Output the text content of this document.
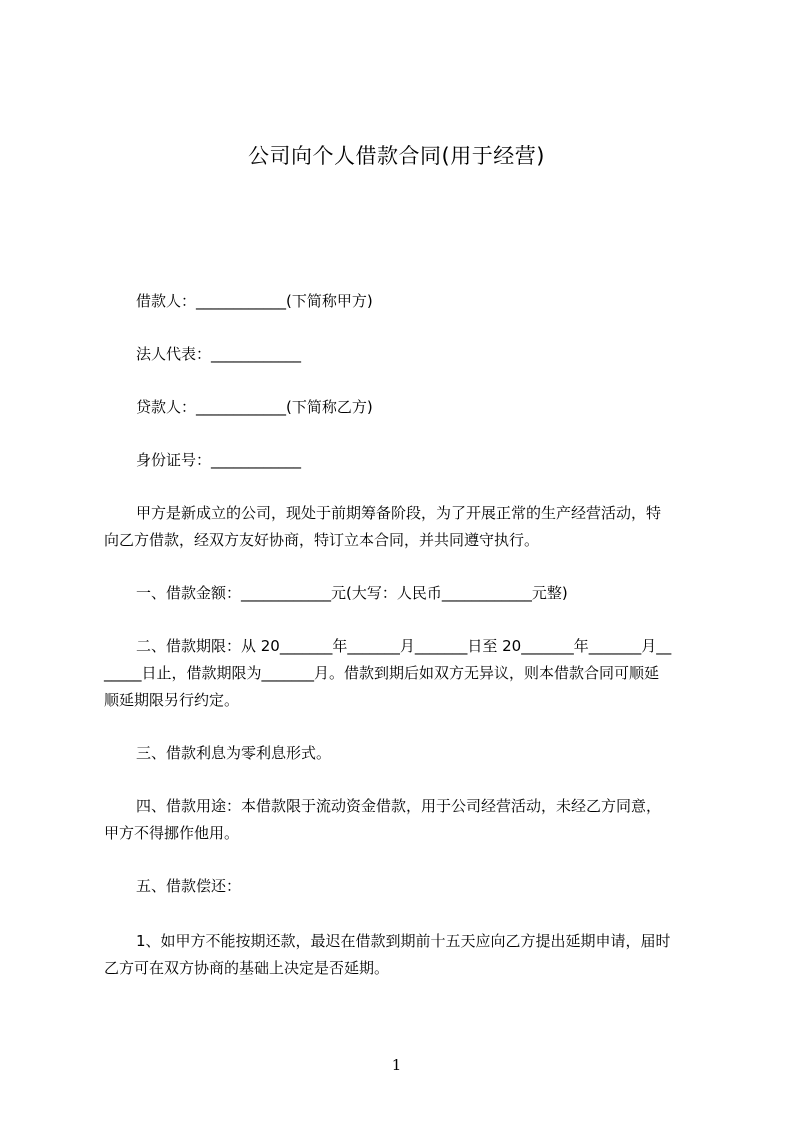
公司向个人借款合同(用于经营)
借款人：____________(下简称甲方)
法人代表：____________
贷款人：____________(下简称乙方)
身份证号：____________
甲方是新成立的公司，现处于前期筹备阶段，为了开展正常的生产经营活动，特
向乙方借款，经双方友好协商，特订立本合同，并共同遵守执行。
一、借款金额：____________元(大写：人民币____________元整)
二、借款期限：从 20_______年_______月_______日至 20_______年_______月__
_____日止，借款期限为_______月。借款到期后如双方无异议，则本借款合同可顺延
顺延期限另行约定。
三、借款利息为零利息形式。
四、借款用途：本借款限于流动资金借款，用于公司经营活动，未经乙方同意，
甲方不得挪作他用。
五、借款偿还：
1、如甲方不能按期还款，最迟在借款到期前十五天应向乙方提出延期申请，届时
乙方可在双方协商的基础上决定是否延期。
1
